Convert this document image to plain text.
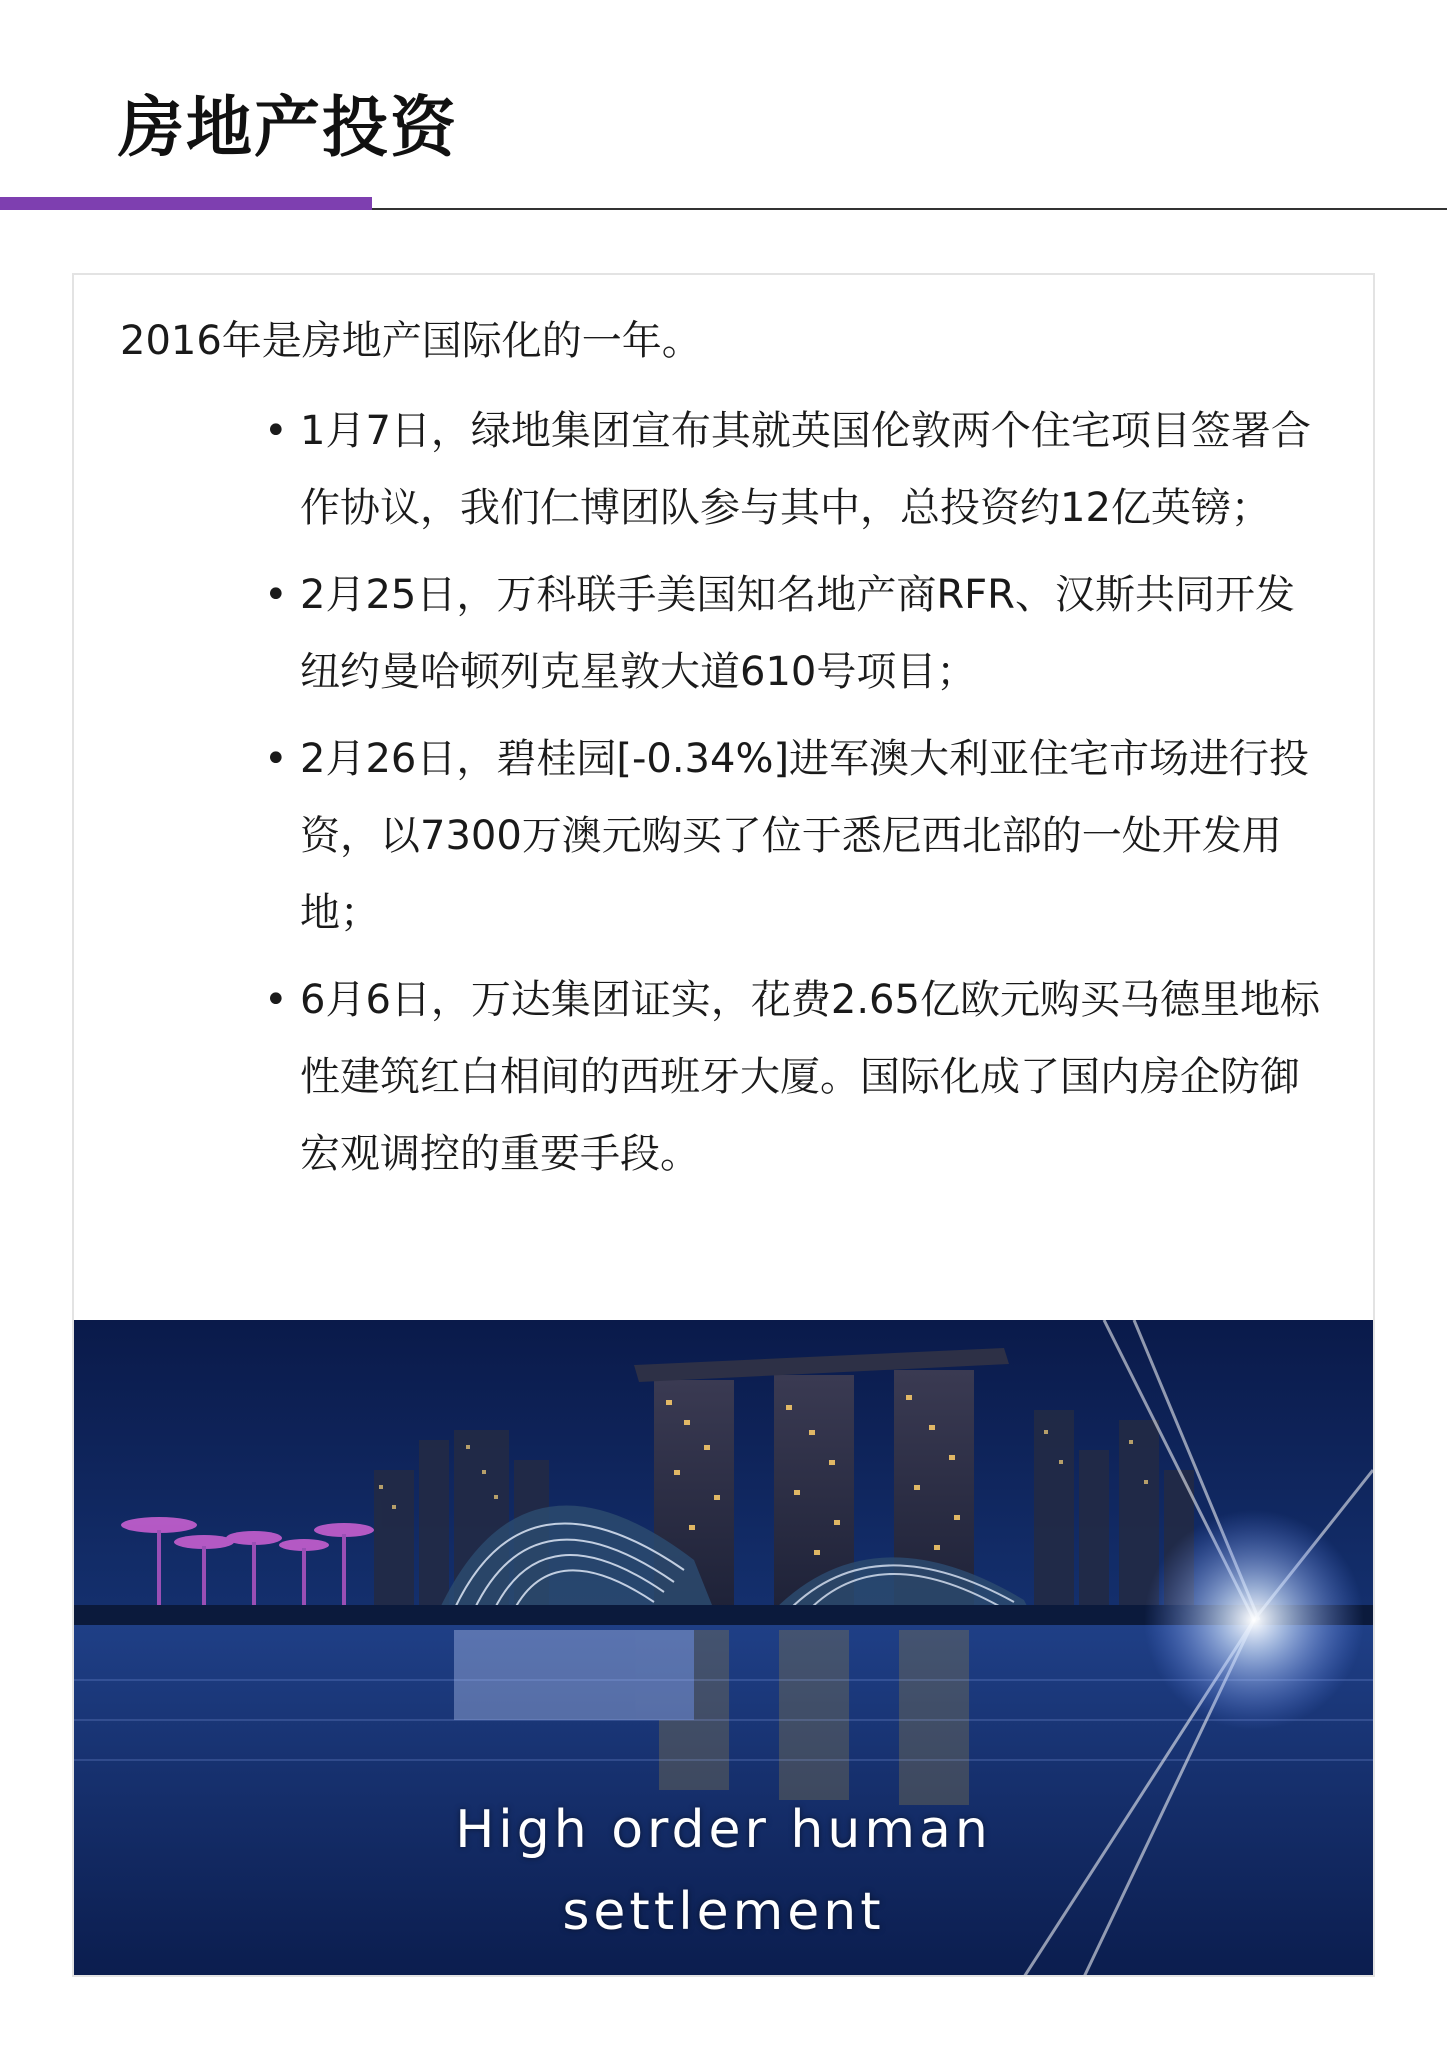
房地产投资

2016年是房地产国际化的一年。

• 1月7日，绿地集团宣布其就英国伦敦两个住宅项目签署合作协议，我们仁博团队参与其中，总投资约12亿英镑；
• 2月25日，万科联手美国知名地产商RFR、汉斯共同开发纽约曼哈顿列克星敦大道610号项目；
• 2月26日，碧桂园[-0.34%]进军澳大利亚住宅市场进行投资，以7300万澳元购买了位于悉尼西北部的一处开发用地；
• 6月6日，万达集团证实，花费2.65亿欧元购买马德里地标性建筑红白相间的西班牙大厦。国际化成了国内房企防御宏观调控的重要手段。
High order human
settlement
